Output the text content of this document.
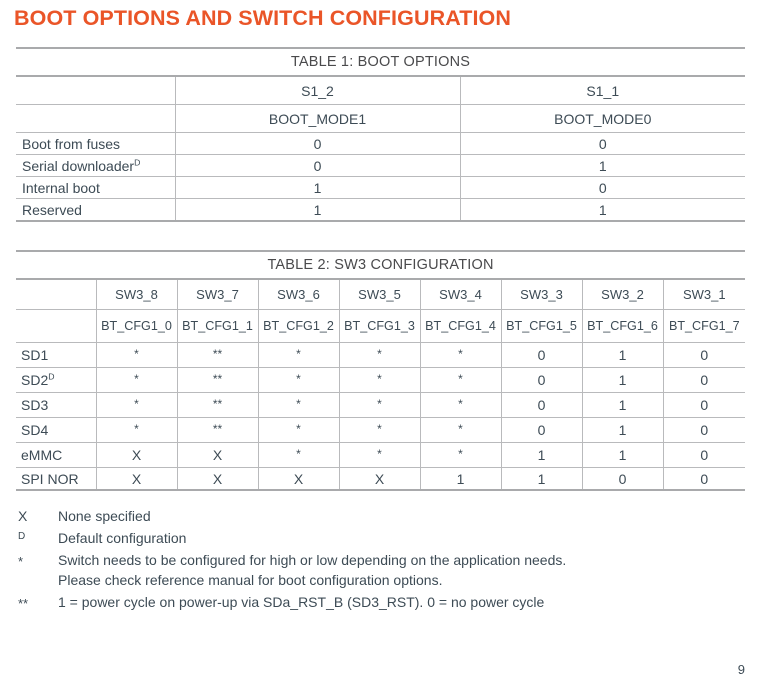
BOOT OPTIONS AND SWITCH CONFIGURATION
TABLE 1: BOOT OPTIONS		
	S1_2	S1_1
	BOOT_MODE1	BOOT_MODE0
Boot from fuses	0	0
Serial downloader$^D$	0	1
Internal boot	1	0
Reserved	1	1
TABLE 2: SW3 CONFIGURATION								
	SW3_8	SW3_7	SW3_6	SW3_5	SW3_4	SW3_3	SW3_2	SW3_1
	BT_CFG1_0	BT_CFG1_1	BT_CFG1_2	BT_CFG1_3	BT_CFG1_4	BT_CFG1_5	BT_CFG1_6	BT_CFG1_7
SD1	*	**	*	*	*	0	1	0
SD2$^D$	*	**	*	*	*	0	1	0
SD3	*	**	*	*	*	0	1	0
SD4	*	**	*	*	*	0	1	0
eMMC	X	X	*	*	*	1	1	0
SPI NOR	X	X	X	X	1	1	0	0
X	None specified
D	Default configuration
*	Switch needs to be configured for high or low depending on the application needs.
Please check reference manual for boot configuration options.
**	1 = power cycle on power-up via SDa_RST_B (SD3_RST). 0 = no power cycle
9
